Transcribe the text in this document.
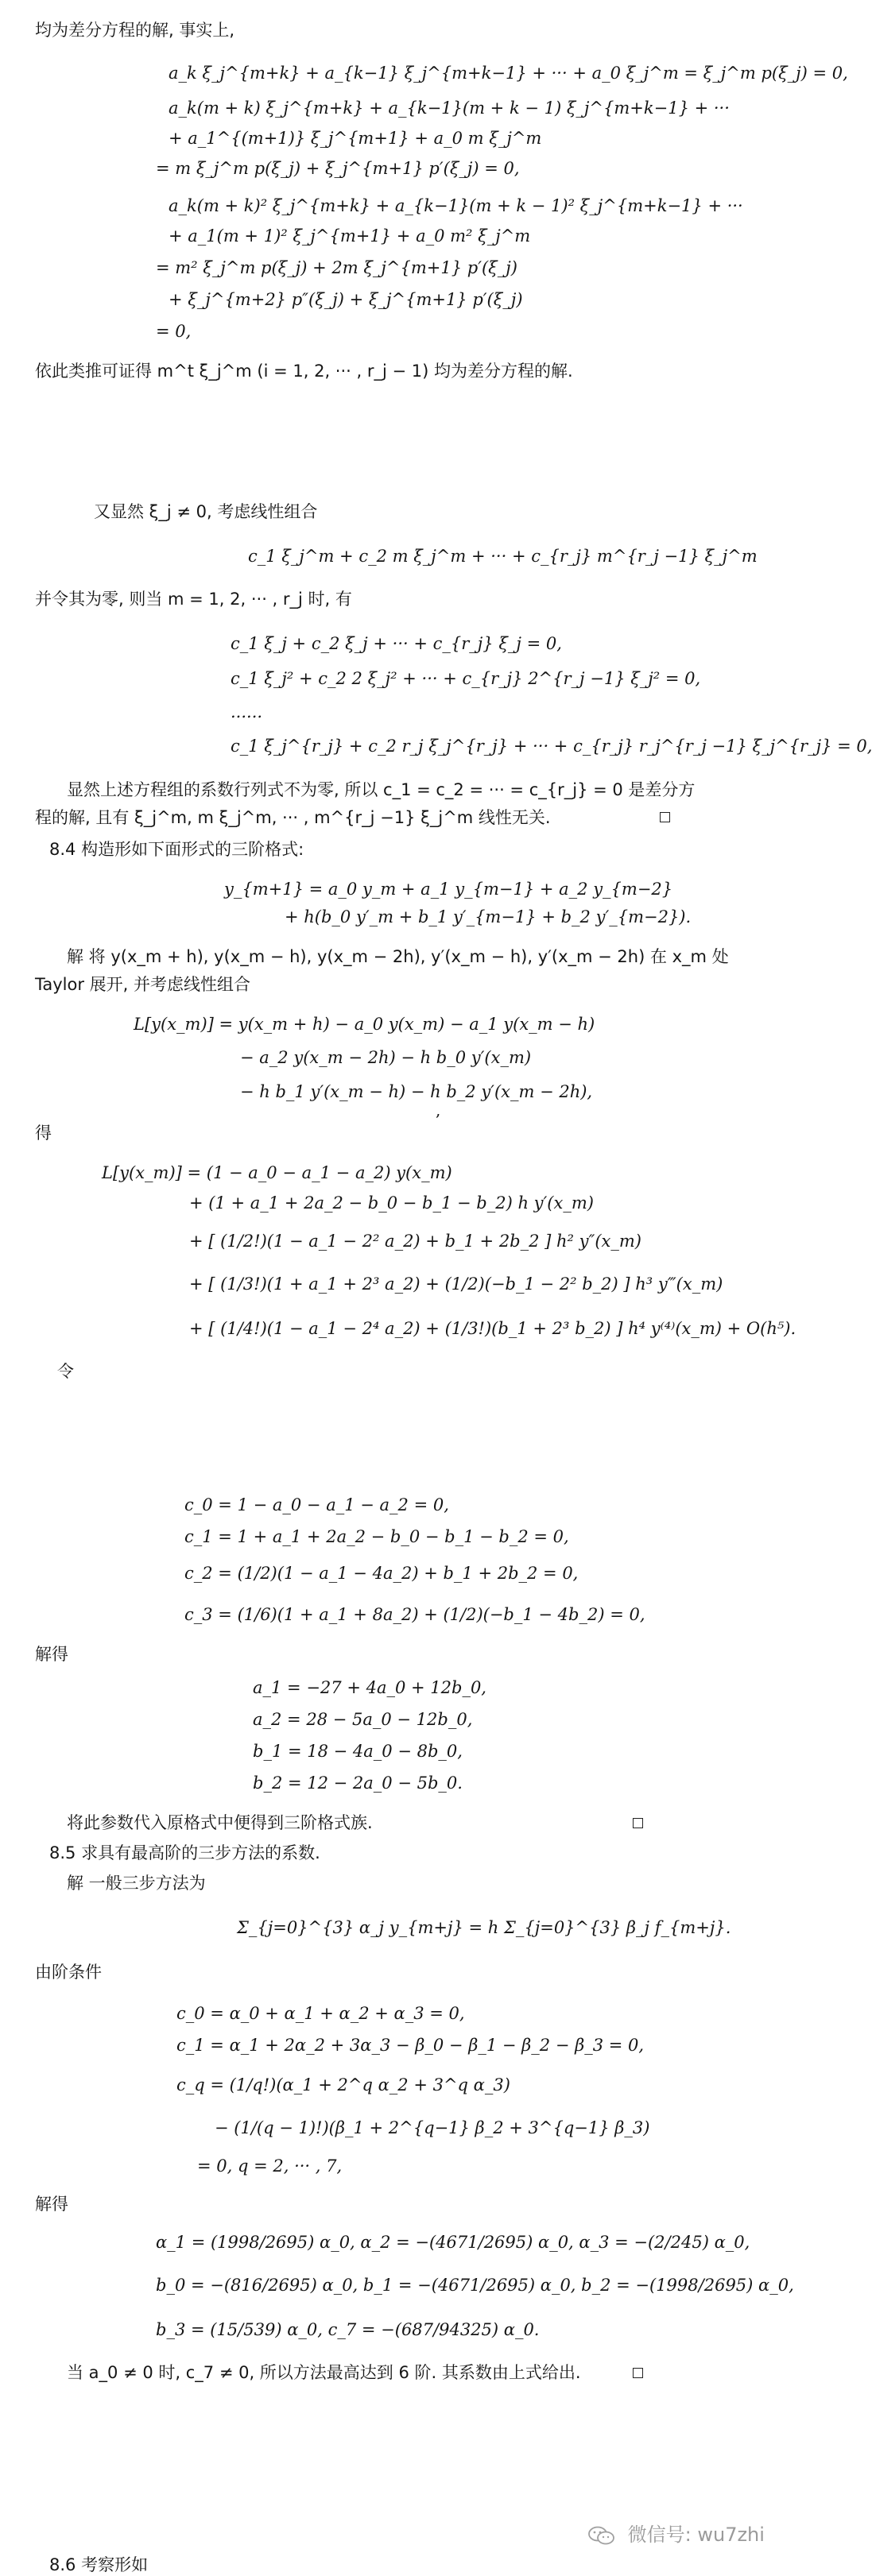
,
微信号: wu7zhi
均为差分方程的解, 事实上,
a_k ξ_j^{m+k} + a_{k−1} ξ_j^{m+k−1} + ··· + a_0 ξ_j^m = ξ_j^m p(ξ_j) = 0,
a_k(m + k) ξ_j^{m+k} + a_{k−1}(m + k − 1) ξ_j^{m+k−1} + ···
+ a_1^{(m+1)} ξ_j^{m+1} + a_0 m ξ_j^m
= m ξ_j^m p(ξ_j) + ξ_j^{m+1} p′(ξ_j) = 0,
a_k(m + k)² ξ_j^{m+k} + a_{k−1}(m + k − 1)² ξ_j^{m+k−1} + ···
+ a_1(m + 1)² ξ_j^{m+1} + a_0 m² ξ_j^m
= m² ξ_j^m p(ξ_j) + 2m ξ_j^{m+1} p′(ξ_j)
+ ξ_j^{m+2} p″(ξ_j) + ξ_j^{m+1} p′(ξ_j)
= 0,
依此类推可证得 m^t ξ_j^m (i = 1, 2, ··· , r_j − 1) 均为差分方程的解.
又显然 ξ_j ≠ 0, 考虑线性组合
c_1 ξ_j^m + c_2 m ξ_j^m + ··· + c_{r_j} m^{r_j −1} ξ_j^m
并令其为零, 则当 m = 1, 2, ··· , r_j 时, 有
c_1 ξ_j + c_2 ξ_j + ··· + c_{r_j} ξ_j = 0,
c_1 ξ_j² + c_2 2 ξ_j² + ··· + c_{r_j} 2^{r_j −1} ξ_j² = 0,
......
c_1 ξ_j^{r_j} + c_2 r_j ξ_j^{r_j} + ··· + c_{r_j} r_j^{r_j −1} ξ_j^{r_j} = 0,
显然上述方程组的系数行列式不为零, 所以 c_1 = c_2 = ··· = c_{r_j} = 0 是差分方
程的解, 且有 ξ_j^m, m ξ_j^m, ··· , m^{r_j −1} ξ_j^m 线性无关.
8.4 构造形如下面形式的三阶格式:
y_{m+1} = a_0 y_m + a_1 y_{m−1} + a_2 y_{m−2}
+ h(b_0 y′_m + b_1 y′_{m−1} + b_2 y′_{m−2}).
解 将 y(x_m + h), y(x_m − h), y(x_m − 2h), y′(x_m − h), y′(x_m − 2h) 在 x_m 处
Taylor 展开, 并考虑线性组合
L[y(x_m)] = y(x_m + h) − a_0 y(x_m) − a_1 y(x_m − h)
− a_2 y(x_m − 2h) − h b_0 y′(x_m)
− h b_1 y′(x_m − h) − h b_2 y′(x_m − 2h),
得
L[y(x_m)] = (1 − a_0 − a_1 − a_2) y(x_m)
+ (1 + a_1 + 2a_2 − b_0 − b_1 − b_2) h y′(x_m)
+ [ (1/2!)(1 − a_1 − 2² a_2) + b_1 + 2b_2 ] h² y″(x_m)
+ [ (1/3!)(1 + a_1 + 2³ a_2) + (1/2)(−b_1 − 2² b_2) ] h³ y‴(x_m)
+ [ (1/4!)(1 − a_1 − 2⁴ a_2) + (1/3!)(b_1 + 2³ b_2) ] h⁴ y⁽⁴⁾(x_m) + O(h⁵).
令
c_0 = 1 − a_0 − a_1 − a_2 = 0,
c_1 = 1 + a_1 + 2a_2 − b_0 − b_1 − b_2 = 0,
c_2 = (1/2)(1 − a_1 − 4a_2) + b_1 + 2b_2 = 0,
c_3 = (1/6)(1 + a_1 + 8a_2) + (1/2)(−b_1 − 4b_2) = 0,
解得
a_1 = −27 + 4a_0 + 12b_0,
a_2 = 28 − 5a_0 − 12b_0,
b_1 = 18 − 4a_0 − 8b_0,
b_2 = 12 − 2a_0 − 5b_0.
将此参数代入原格式中便得到三阶格式族.
8.5 求具有最高阶的三步方法的系数.
解 一般三步方法为
Σ_{j=0}^{3} α_j y_{m+j} = h Σ_{j=0}^{3} β_j f_{m+j}.
由阶条件
c_0 = α_0 + α_1 + α_2 + α_3 = 0,
c_1 = α_1 + 2α_2 + 3α_3 − β_0 − β_1 − β_2 − β_3 = 0,
c_q = (1/q!)(α_1 + 2^q α_2 + 3^q α_3)
− (1/(q − 1)!)(β_1 + 2^{q−1} β_2 + 3^{q−1} β_3)
= 0, q = 2, ··· , 7,
解得
α_1 = (1998/2695) α_0, α_2 = −(4671/2695) α_0, α_3 = −(2/245) α_0,
b_0 = −(816/2695) α_0, b_1 = −(4671/2695) α_0, b_2 = −(1998/2695) α_0,
b_3 = (15/539) α_0, c_7 = −(687/94325) α_0.
当 a_0 ≠ 0 时, c_7 ≠ 0, 所以方法最高达到 6 阶. 其系数由上式给出.
8.6 考察形如
